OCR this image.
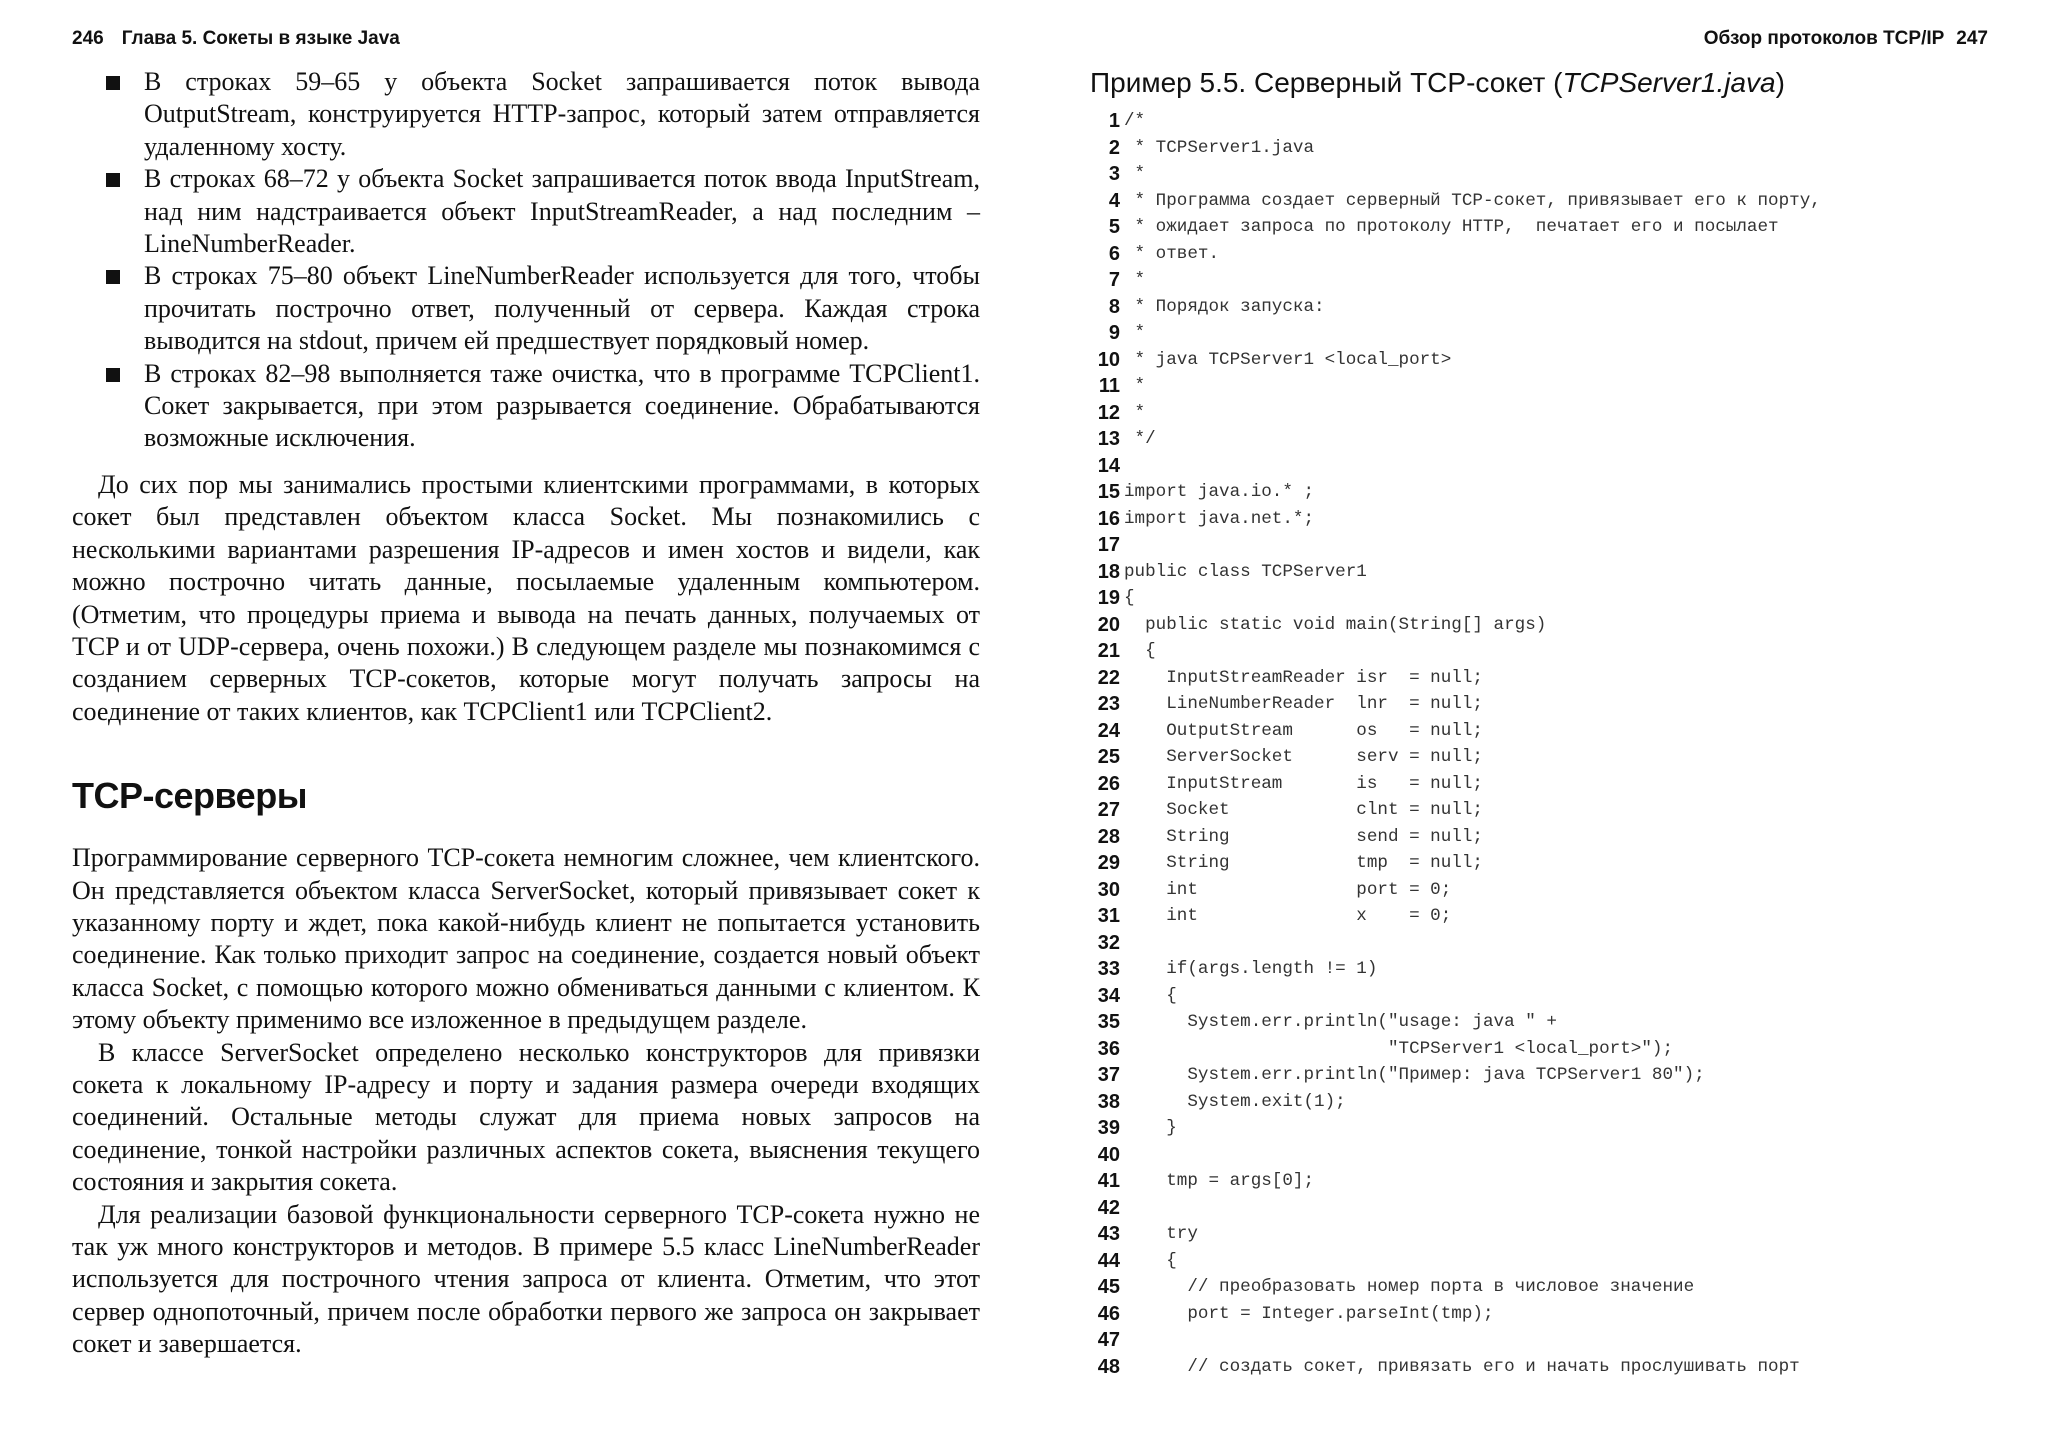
246 Глава 5. Сокеты в языке Java	Обзор протоколов TCP/IP 247
В строках 59–65 у объекта Socket запрашивается поток вывода OutputStream, конструируется HTTP-запрос, который затем отправляется удаленному хосту.
В строках 68–72 у объекта Socket запрашивается поток ввода InputStream, над ним надстраивается объект InputStreamReader, а над последним – LineNumberReader.
В строках 75–80 объект LineNumberReader используется для того, чтобы прочитать построчно ответ, полученный от сервера. Каждая строка выводится на stdout, причем ей предшествует порядковый номер.
В строках 82–98 выполняется таже очистка, что в программе TCPClient1. Сокет закрывается, при этом разрывается соединение. Обрабатываются возможные исключения.

До сих пор мы занимались простыми клиентскими программами, в которых сокет был представлен объектом класса Socket. Мы познакомились с несколькими вариантами разрешения IP-адресов и имен хостов и видели, как можно построчно читать данные, посылаемые удаленным компьютером. (Отметим, что процедуры приема и вывода на печать данных, получаемых от TCP и от UDP-сервера, очень похожи.) В следующем разделе мы познакомимся с созданием серверных TCP-сокетов, которые могут получать запросы на соединение от таких клиентов, как TCPClient1 или TCPClient2.

TCP-серверы

Программирование серверного TCP-сокета немногим сложнее, чем клиентского. Он представляется объектом класса ServerSocket, который привязывает сокет к указанному порту и ждет, пока какой-нибудь клиент не попытается установить соединение. Как только приходит запрос на соединение, создается новый объект класса Socket, с помощью которого можно обмениваться данными с клиентом. К этому объекту применимо все изложенное в предыдущем разделе.

В классе ServerSocket определено несколько конструкторов для привязки сокета к локальному IP-адресу и порту и задания размера очереди входящих соединений. Остальные методы служат для приема новых запросов на соединение, тонкой настройки различных аспектов сокета, выяснения текущего состояния и закрытия сокета.

Для реализации базовой функциональности серверного TCP-сокета нужно не так уж много конструкторов и методов. В примере 5.5 класс LineNumberReader используется для построчного чтения запроса от клиента. Отметим, что этот сервер однопоточный, причем после обработки первого же запроса он закрывает сокет и завершается.

Пример 5.5. Серверный TCP-сокет (TCPServer1.java)
1 /*
2 * TCPServer1.java
3 *
4 * Программа создает серверный TCP-сокет, привязывает его к порту,
5 * ожидает запроса по протоколу HTTP,  печатает его и посылает
6 * ответ.
7 *
8 * Порядок запуска:
9 *
10 * java TCPServer1 <local_port>
11 *
12 *
13 */
14
15 import java.io.* ;
16 import java.net.*;
17
18 public class TCPServer1
19 {
20 public static void main(String[] args)
21 {
22 InputStreamReader isr  = null;
23 LineNumberReader  lnr  = null;
24 OutputStream      os   = null;
25 ServerSocket      serv = null;
26 InputStream       is   = null;
27 Socket            clnt = null;
28 String            send = null;
29 String            tmp  = null;
30 int               port = 0;
31 int               x    = 0;
32
33 if(args.length != 1)
34 {
35 System.err.println("usage: java " +
36 "TCPServer1 <local_port>");
37 System.err.println("Пример: java TCPServer1 80");
38 System.exit(1);
39 }
40
41 tmp = args[0];
42
43 try
44 {
45 // преобразовать номер порта в числовое значение
46 port = Integer.parseInt(tmp);
47
48 // создать сокет, привязать его и начать прослушивать порт
